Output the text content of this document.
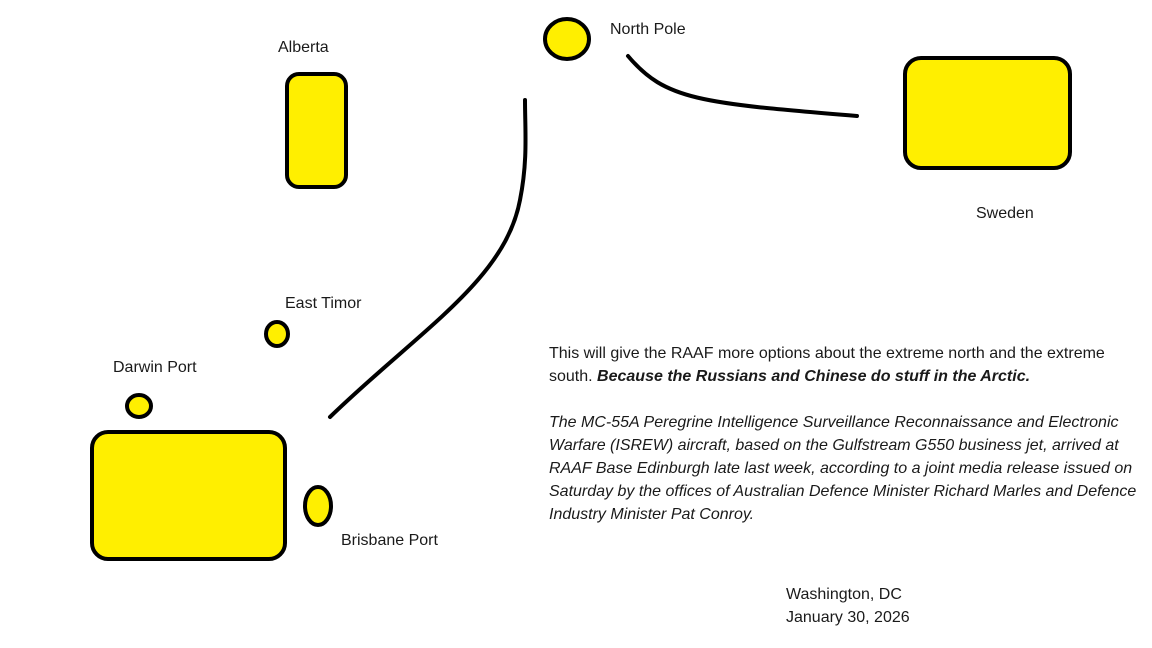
North Pole
Alberta
Sweden
East Timor
Darwin Port
Brisbane Port
This will give the RAAF more options about the extreme north and the extreme south. Because the Russians and Chinese do stuff in the Arctic.
The MC-55A Peregrine Intelligence Surveillance Reconnaissance and Electronic Warfare (ISREW) aircraft, based on the Gulfstream G550 business jet, arrived at RAAF Base Edinburgh late last week, according to a joint media release issued on Saturday by the offices of Australian Defence Minister Richard Marles and Defence Industry Minister Pat Conroy.
Washington, DC
January 30, 2026
